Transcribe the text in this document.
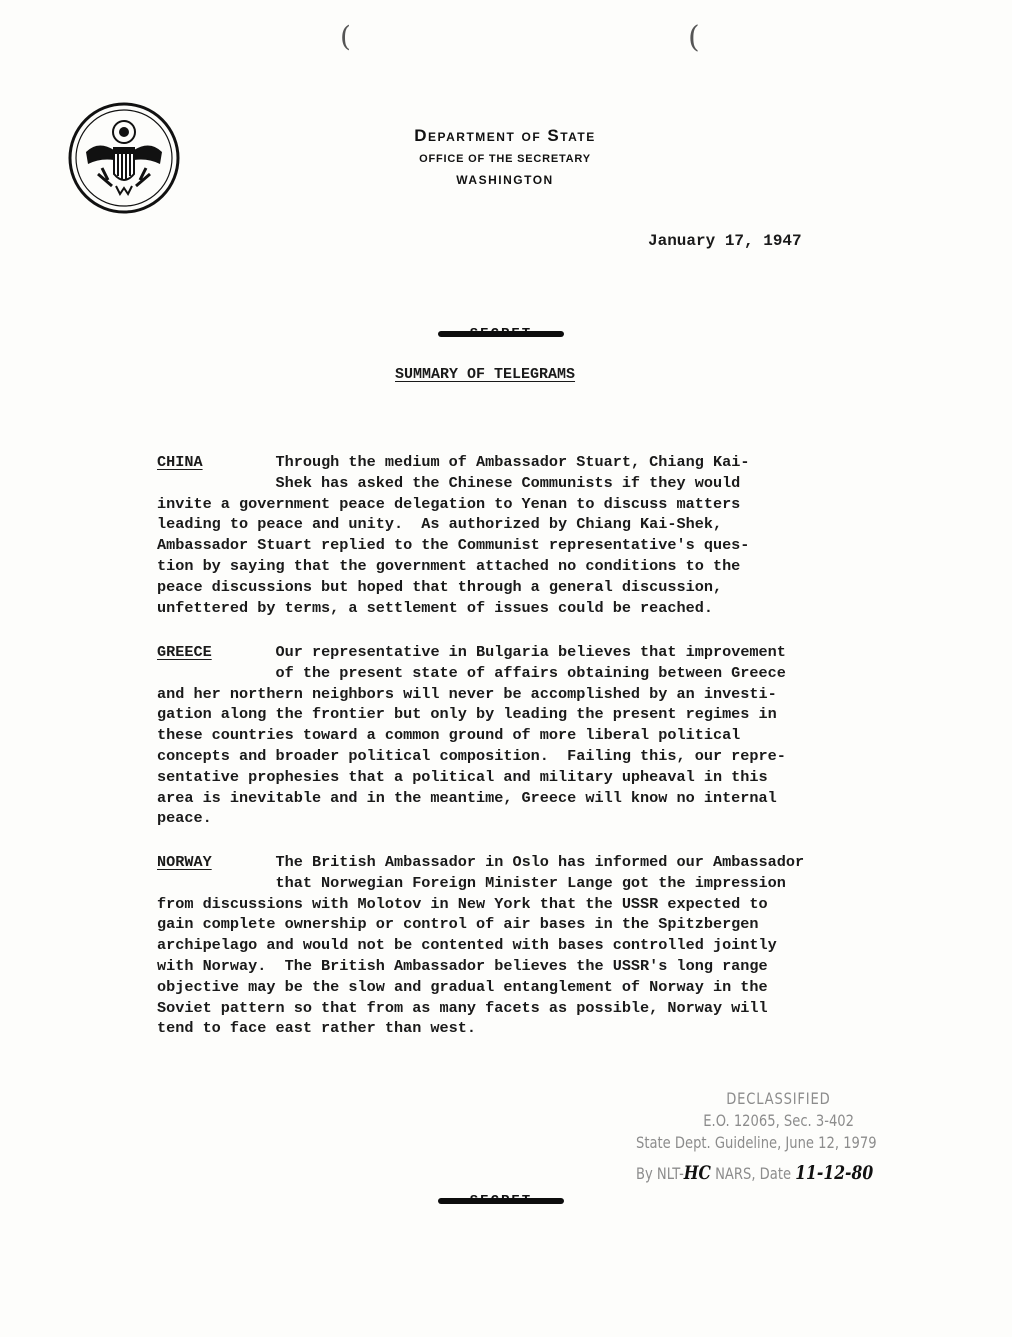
Department of State
OFFICE OF THE SECRETARY
WASHINGTON
January 17, 1947
SUMMARY OF TELEGRAMS
CHINA	Through the medium of Ambassador Stuart, Chiang Kai-
Shek has asked the Chinese Communists if they would
invite a government peace delegation to Yenan to discuss matters
leading to peace and unity.  As authorized by Chiang Kai-Shek,
Ambassador Stuart replied to the Communist representative's ques-
tion by saying that the government attached no conditions to the
peace discussions but hoped that through a general discussion,
unfettered by terms, a settlement of issues could be reached.
GREECE	Our representative in Bulgaria believes that improvement
of the present state of affairs obtaining between Greece
and her northern neighbors will never be accomplished by an investi-
gation along the frontier but only by leading the present regimes in
these countries toward a common ground of more liberal political
concepts and broader political composition.  Failing this, our repre-
sentative prophesies that a political and military upheaval in this
area is inevitable and in the meantime, Greece will know no internal
peace.
NORWAY	The British Ambassador in Oslo has informed our Ambassador
that Norwegian Foreign Minister Lange got the impression
from discussions with Molotov in New York that the USSR expected to
gain complete ownership or control of air bases in the Spitzbergen
archipelago and would not be contented with bases controlled jointly
with Norway.  The British Ambassador believes the USSR's long range
objective may be the slow and gradual entanglement of Norway in the
Soviet pattern so that from as many facets as possible, Norway will
tend to face east rather than west.
DECLASSIFIED
E.O. 12065, Sec. 3-402
State Dept. Guideline, June 12, 1979
By NLT-HC NARS, Date 11-12-80
(	(
